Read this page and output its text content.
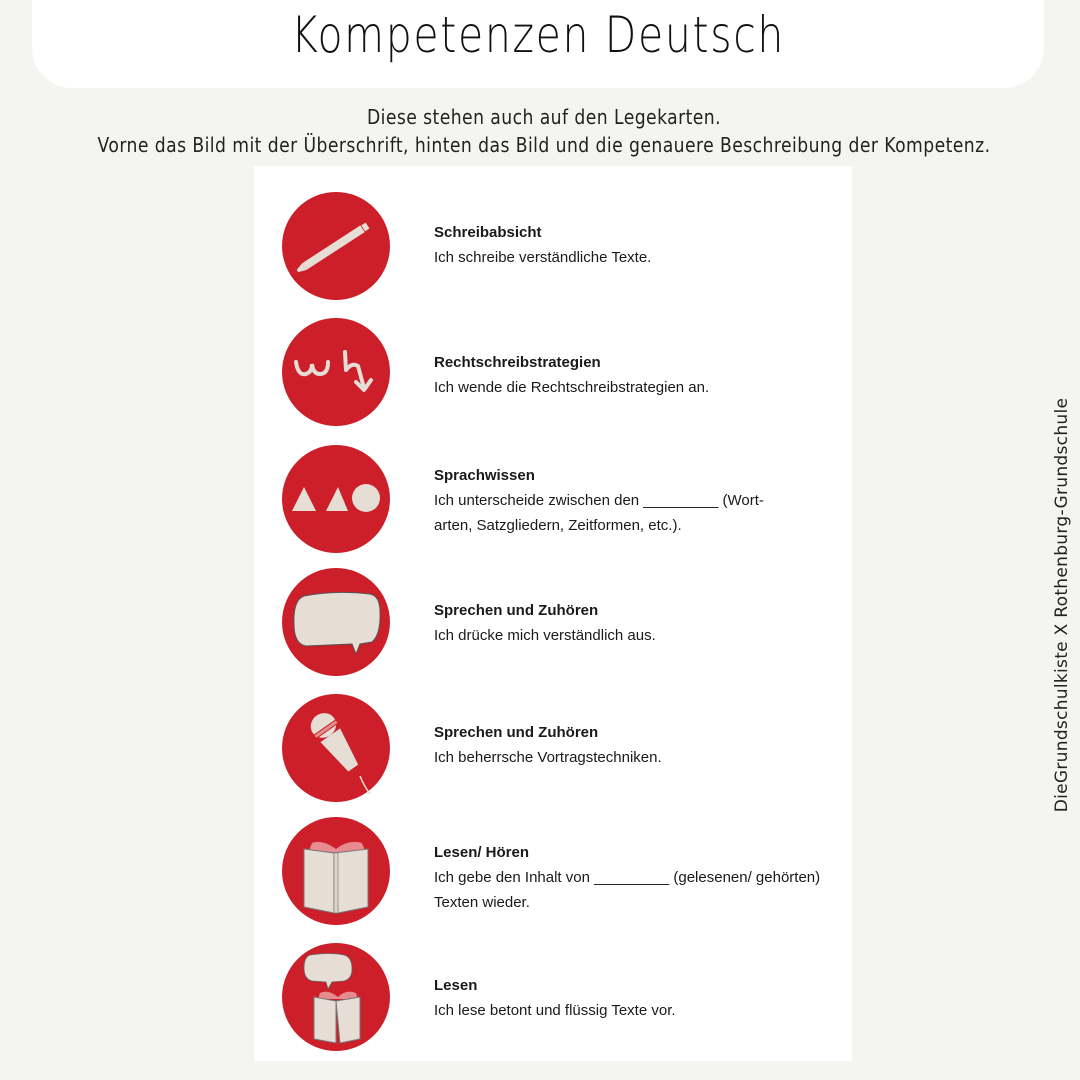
Kompetenzen Deutsch
Diese stehen auch auf den Legekarten.
Vorne das Bild mit der Überschrift, hinten das Bild und die genauere Beschreibung der Kompetenz.
Schreibabsicht
Ich schreibe verständliche Texte.
Rechtschreibstrategien
Ich wende die Rechtschreibstrategien an.
Sprachwissen
Ich unterscheide zwischen den _________ (Wort-
arten, Satzgliedern, Zeitformen, etc.).
Sprechen und Zuhören
Ich drücke mich verständlich aus.
Sprechen und Zuhören
Ich beherrsche Vortragstechniken.
Lesen/ Hören
Ich gebe den Inhalt von _________ (gelesenen/ gehörten)
Texten wieder.
Lesen
Ich lese betont und flüssig Texte vor.
DieGrundschulkiste X Rothenburg-Grundschule
